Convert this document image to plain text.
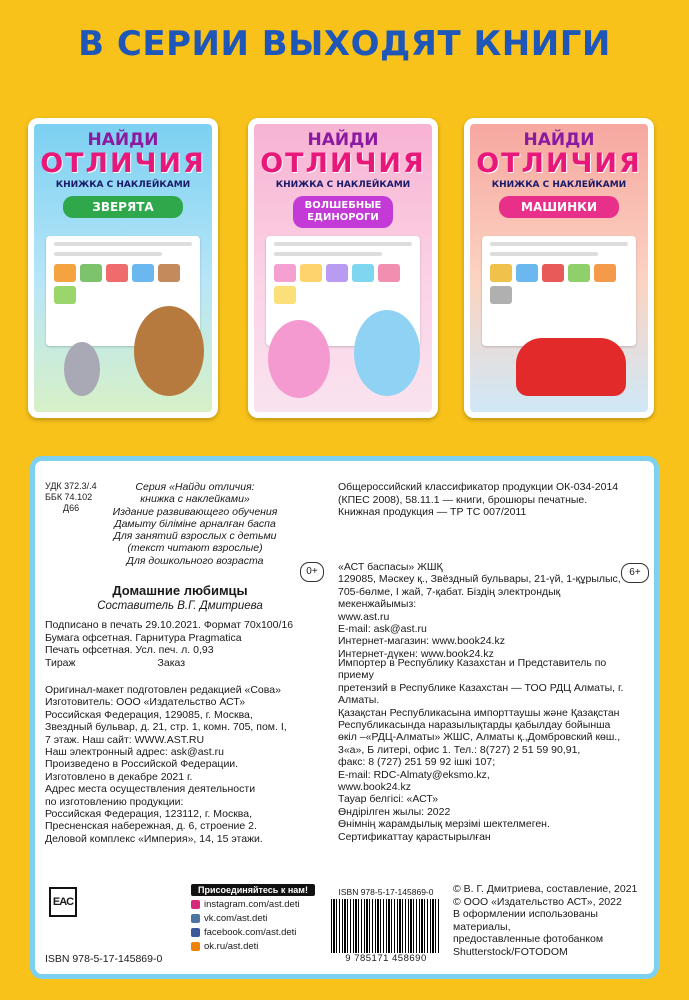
В СЕРИИ ВЫХОДЯТ КНИГИ
НАЙДИ
ОТЛИЧИЯ
КНИЖКА С НАКЛЕЙКАМИ
ЗВЕРЯТА
НАЙДИ
ОТЛИЧИЯ
КНИЖКА С НАКЛЕЙКАМИ
ВОЛШЕБНЫЕ ЕДИНОРОГИ
НАЙДИ
ОТЛИЧИЯ
КНИЖКА С НАКЛЕЙКАМИ
МАШИНКИ
УДК 372.3/.4
ББК 74.102
Д66
Серия «Найди отличия:
книжка с наклейками»
Издание развивающего обучения
Дамыту біліміне арналған баспа
Для занятий взрослых с детьми
(текст читают взрослые)
Для дошкольного возраста
0+
Домашние любимцы
Составитель В.Г. Дмитриева
Подписано в печать 29.10.2021. Формат 70х100/16
Бумага офсетная. Гарнитура Pragmatica
Печать офсетная. Усл. печ. л. 0,93
Тираж	Заказ
Оригинал-макет подготовлен редакцией «Сова»
Изготовитель: ООО «Издательство АСТ»
Российская Федерация, 129085, г. Москва,
Звездный бульвар, д. 21, стр. 1, комн. 705, пом. I,
7 этаж. Наш сайт: WWW.AST.RU
Наш электронный адрес: ask@ast.ru
Произведено в Российской Федерации.
Изготовлено в декабре 2021 г.
Адрес места осуществления деятельности
по изготовлению продукции:
Российская Федерация, 123112, г. Москва,
Пресненская набережная, д. 6, строение 2.
Деловой комплекс «Империя», 14, 15 этажи.
Общероссийский классификатор продукции ОК-034-2014
(КПЕС 2008), 58.11.1 — книги, брошюры печатные.
Книжная продукция — ТР ТС 007/2011
«АСТ баспасы» ЖШҚ
129085, Мәскеу қ., Звёздный бульвары, 21-үй, 1-құрылыс,
705-бөлме, I жай, 7-қабат. Біздің электрондық мекенжайымыз:
www.ast.ru
E-mail: ask@ast.ru
Интернет-магазин: www.book24.kz
Интернет-дүкен: www.book24.kz
6+
Импортер в Республику Казахстан и Представитель по приему
претензий в Республике Казахстан — ТОО РДЦ Алматы, г. Алматы.
Қазақстан Республикасына импорттаушы және Қазақстан
Республикасында наразылықтарды қабылдау бойынша
өкіл –«РДЦ-Алматы» ЖШС, Алматы қ.,Домбровский көш.,
3«а», Б литері, офис 1. Тел.: 8(727) 2 51 59 90,91,
факс: 8 (727) 251 59 92 ішкі 107;
E-mail: RDC-Almaty@eksmo.kz,
www.book24.kz
Тауар белгісі: «АСТ»
Өндірілген жылы: 2022
Өнімнің жарамдылық мерзімі шектелмеген.
Сертификаттау қарастырылған
EAC
ISBN 978-5-17-145869-0
Присоединяйтесь к нам!
instagram.com/ast.deti
vk.com/ast.deti
facebook.com/ast.deti
ok.ru/ast.deti
ISBN 978-5-17-145869-0
9 785171 458690
© В. Г. Дмитриева, составление, 2021
© ООО «Издательство АСТ», 2022
В оформлении использованы материалы,
предоставленные фотобанком
Shutterstock/FOTODOM
